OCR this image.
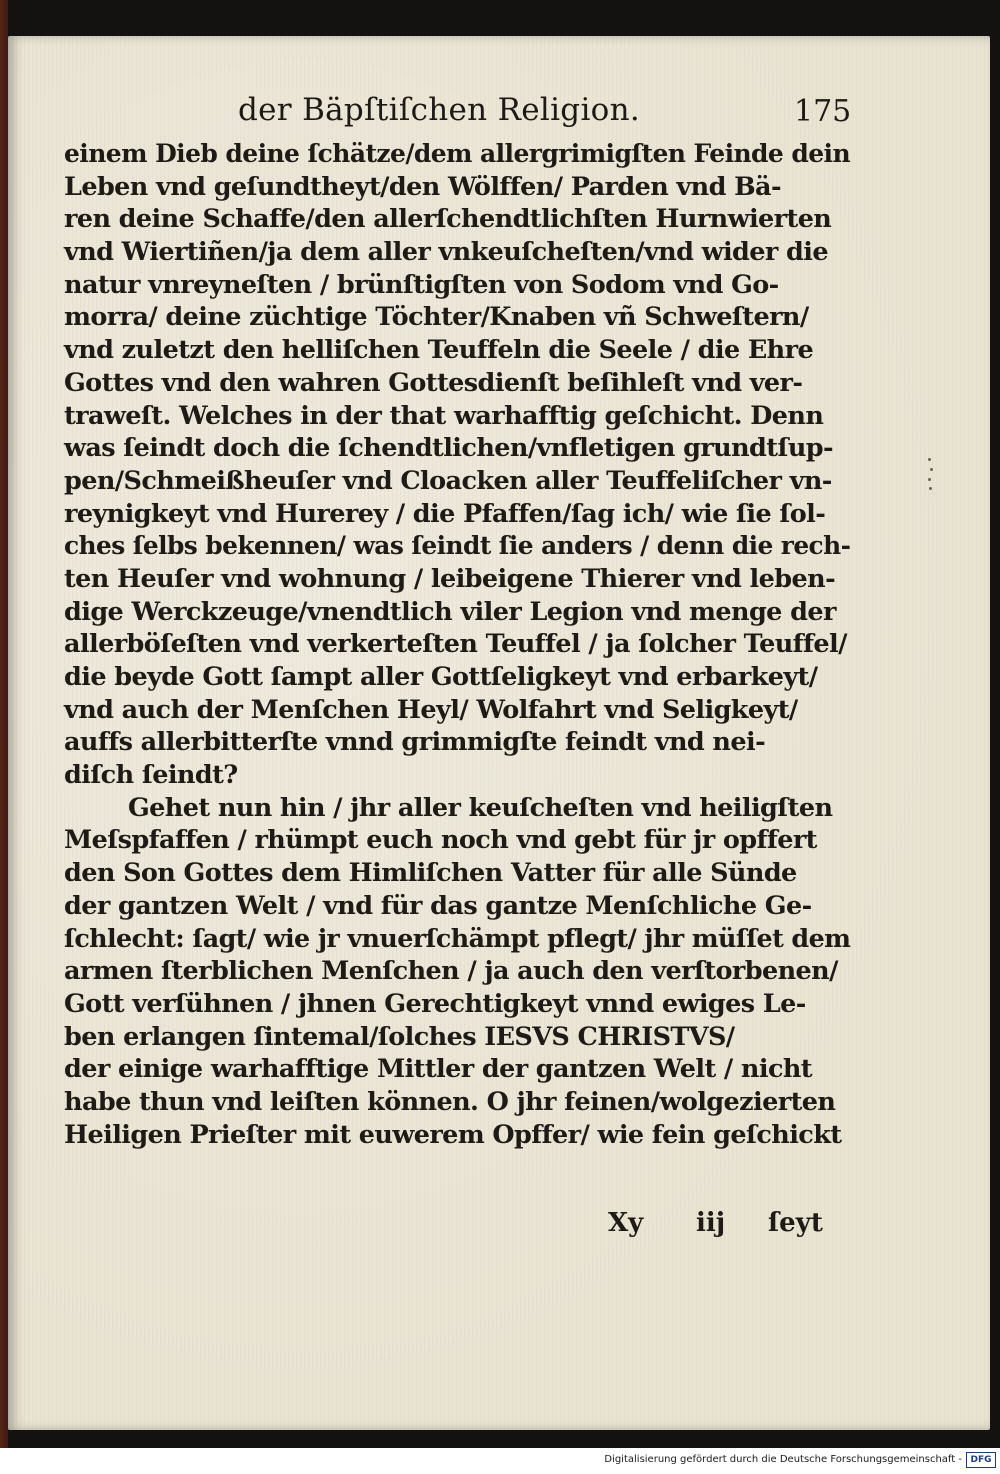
der Bäpſtiſchen Religion.	175
einem Dieb deine ſchätze/dem allergrimigſten Feinde dein
Leben vnd geſundtheyt/den Wölffen/ Parden vnd Bä-
ren deine Schaffe/den allerſchendtlichſten Hurnwierten
vnd Wiertiñen/ja dem aller vnkeuſcheſten/vnd wider die
natur vnreyneſten / brünſtigſten von Sodom vnd Go-
morra/ deine züchtige Töchter/Knaben vñ Schweſtern/
vnd zuletzt den helliſchen Teuffeln die Seele / die Ehre
Gottes vnd den wahren Gottesdienſt beſihleſt vnd ver-
traweſt. Welches in der that warhafftig geſchicht. Denn
was ſeindt doch die ſchendtlichen/vnfletigen grundtſup-
pen/Schmeißheuſer vnd Cloacken aller Teuffeliſcher vn-
reynigkeyt vnd Hurerey / die Pfaffen/ſag ich/ wie ſie ſol-
ches ſelbs bekennen/ was ſeindt ſie anders / denn die rech-
ten Heuſer vnd wohnung / leibeigene Thierer vnd leben-
dige Werckzeuge/vnendtlich viler Legion vnd menge der
allerböſeſten vnd verkerteſten Teuffel / ja ſolcher Teuffel/
die beyde Gott ſampt aller Gottſeligkeyt vnd erbarkeyt/
vnd auch der Menſchen Heyl/ Wolfahrt vnd Seligkeyt/
auffs allerbitterſte vnnd grimmigſte feindt vnd nei-
diſch ſeindt?
Gehet nun hin / jhr aller keuſcheſten vnd heiligſten
Meſspfaffen / rhümpt euch noch vnd gebt für jr opffert
den Son Gottes dem Himliſchen Vatter für alle Sünde
der gantzen Welt / vnd für das gantze Menſchliche Ge-
ſchlecht: ſagt/ wie jr vnuerſchämpt pflegt/ jhr müſſet dem
armen ſterblichen Menſchen / ja auch den verſtorbenen/
Gott verſühnen / jhnen Gerechtigkeyt vnnd ewiges Le-
ben erlangen ſintemal/ſolches IESVS CHRISTVS/
der einige warhafftige Mittler der gantzen Welt / nicht
habe thun vnd leiſten können. O jhr feinen/wolgezierten
Heiligen Prieſter mit euwerem Opffer/ wie fein geſchickt
Xy iij ſeyt
Digitalisierung gefördert durch die Deutsche Forschungsgemeinschaft - DFG
